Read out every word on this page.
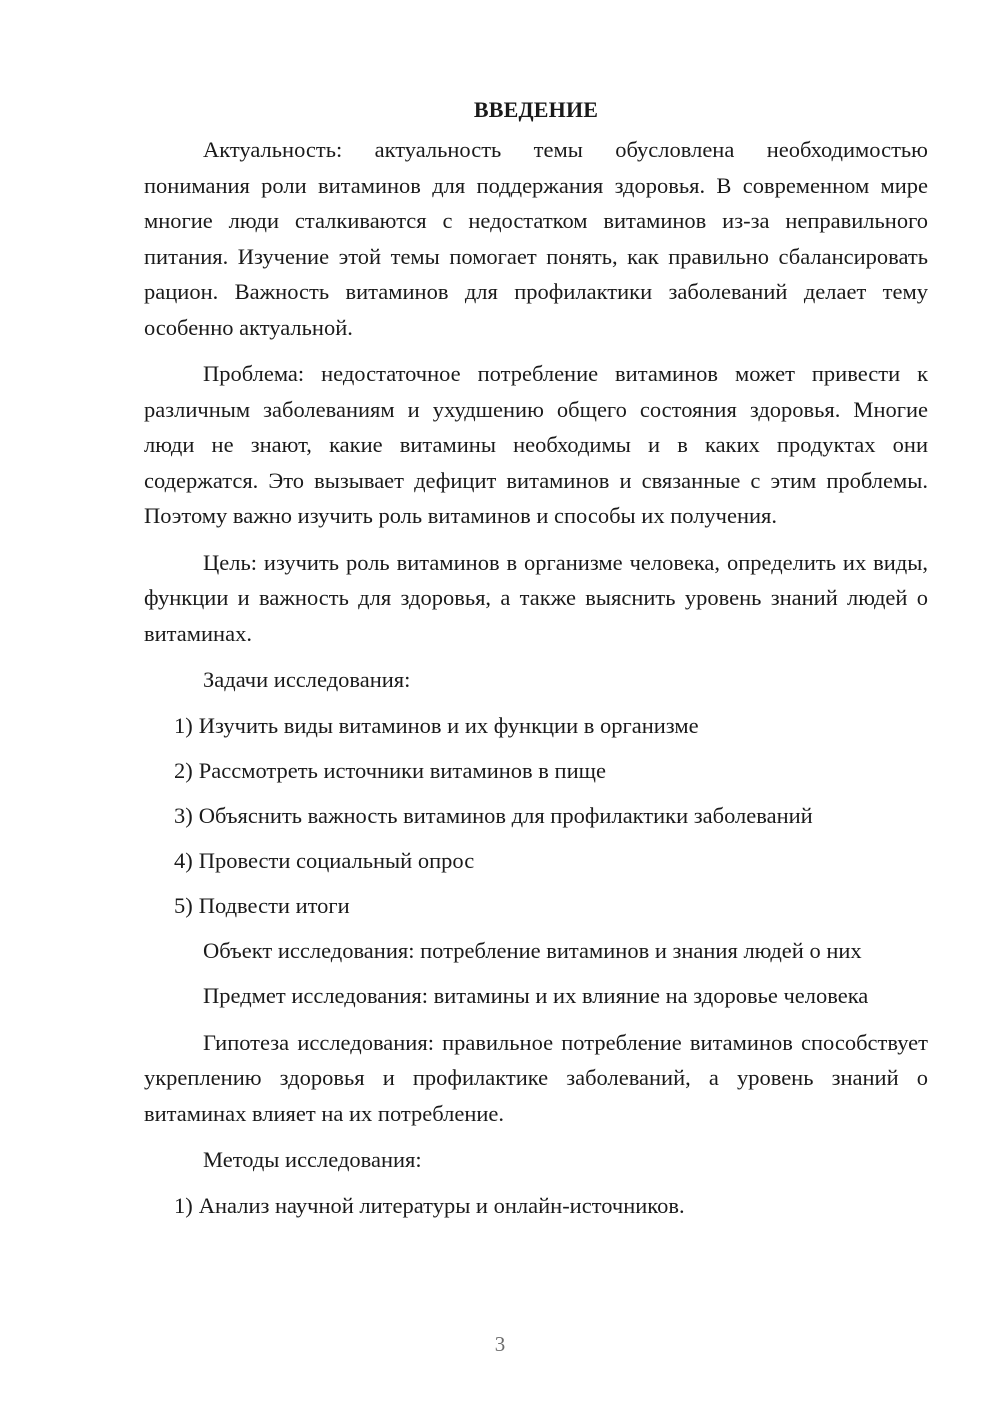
ВВЕДЕНИЕ

Актуальность: актуальность темы обусловлена необходимостью понимания роли витаминов для поддержания здоровья. В современном мире многие люди сталкиваются с недостатком витаминов из-за неправильного питания. Изучение этой темы помогает понять, как правильно сбалансировать рацион. Важность витаминов для профилактики заболеваний делает тему особенно актуальной.

Проблема: недостаточное потребление витаминов может привести к различным заболеваниям и ухудшению общего состояния здоровья. Многие люди не знают, какие витамины необходимы и в каких продуктах они содержатся. Это вызывает дефицит витаминов и связанные с этим проблемы. Поэтому важно изучить роль витаминов и способы их получения.

Цель: изучить роль витаминов в организме человека, определить их виды, функции и важность для здоровья, а также выяснить уровень знаний людей о витаминах.

Задачи исследования:

1) Изучить виды витаминов и их функции в организме

2) Рассмотреть источники витаминов в пище

3) Объяснить важность витаминов для профилактики заболеваний

4) Провести социальный опрос

5) Подвести итоги

Объект исследования: потребление витаминов и знания людей о них

Предмет исследования: витамины и их влияние на здоровье человека

Гипотеза исследования: правильное потребление витаминов способствует укреплению здоровья и профилактике заболеваний, а уровень знаний о витаминах влияет на их потребление.

Методы исследования:

1) Анализ научной литературы и онлайн-источников.

3
